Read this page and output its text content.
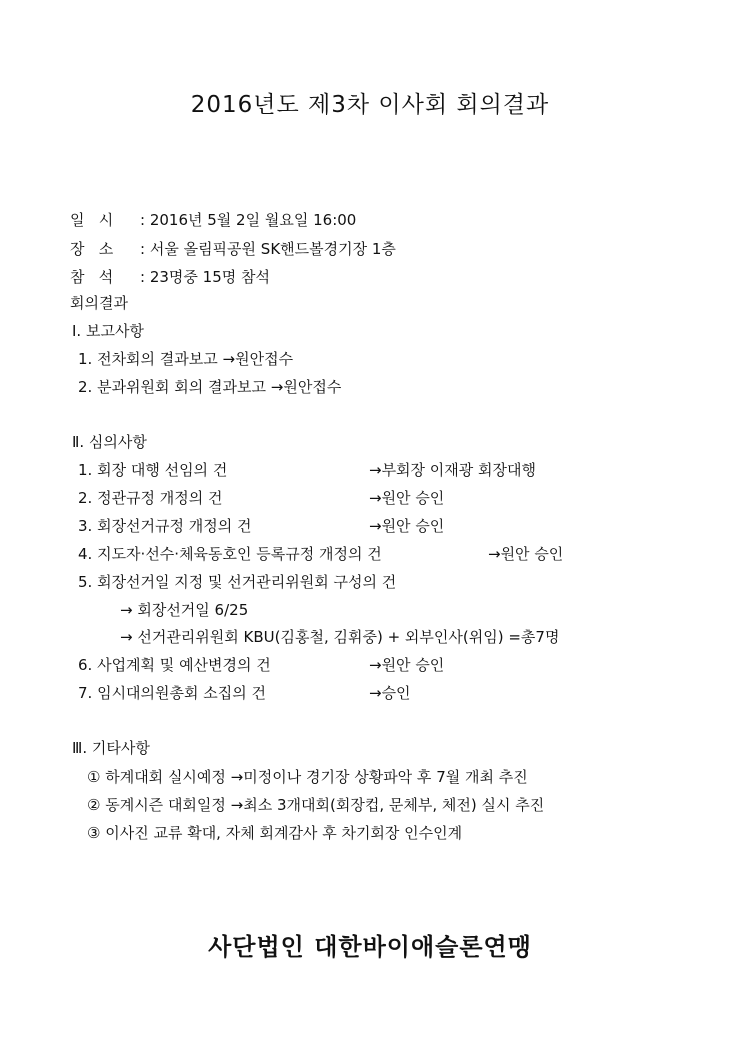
2016년도 제3차 이사회 회의결과
일   시 : 2016년 5월 2일 월요일 16:00
장   소 : 서울 올림픽공원 SK핸드볼경기장 1층
참   석 : 23명중 15명 참석
회의결과
Ⅰ. 보고사항
1. 전차회의 결과보고 →원안접수
2. 분과위원회 회의 결과보고 →원안접수
Ⅱ. 심의사항
1. 회장 대행 선임의 건	→부회장 이재광 회장대행
2. 정관규정 개정의 건	→원안 승인
3. 회장선거규정 개정의 건	→원안 승인
4. 지도자·선수·체육동호인 등록규정 개정의 건	→원안 승인
5. 회장선거일 지정 및 선거관리위원회 구성의 건
→ 회장선거일 6/25
→ 선거관리위원회 KBU(김홍철, 김휘중) + 외부인사(위임) =총7명
6. 사업계획 및 예산변경의 건	→원안 승인
7. 임시대의원총회 소집의 건	→승인
Ⅲ. 기타사항
① 하계대회 실시예정 →미정이나 경기장 상황파악 후 7월 개최 추진
② 동계시즌 대회일정 →최소 3개대회(회장컵, 문체부, 체전) 실시 추진
③ 이사진 교류 확대, 자체 회계감사 후 차기회장 인수인계
사단법인 대한바이애슬론연맹
